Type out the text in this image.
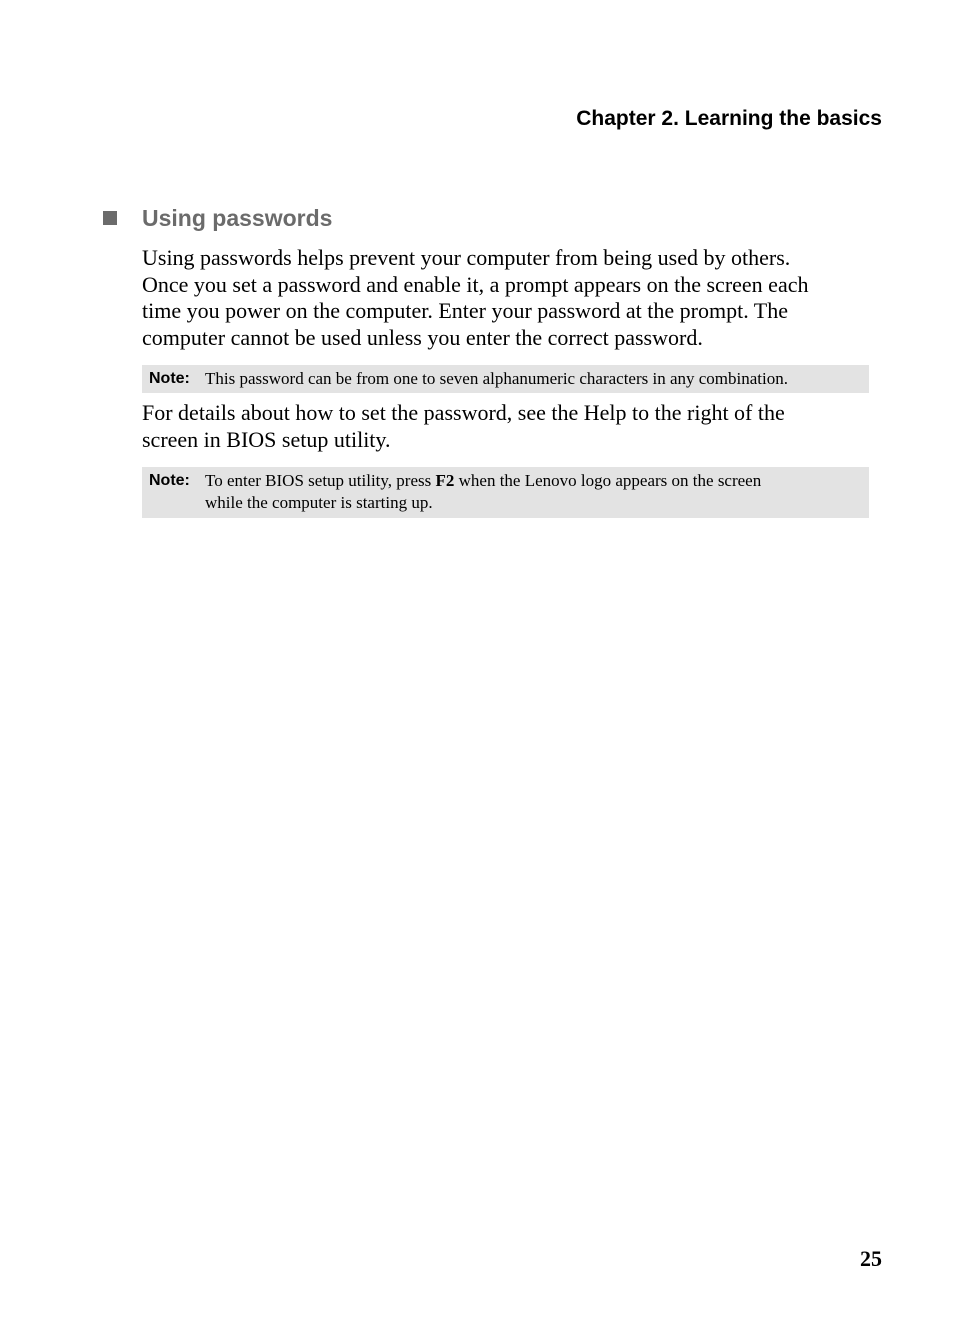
Chapter 2. Learning the basics
Using passwords
Using passwords helps prevent your computer from being used by others.
Once you set a password and enable it, a prompt appears on the screen each
time you power on the computer. Enter your password at the prompt. The
computer cannot be used unless you enter the correct password.
Note: This password can be from one to seven alphanumeric characters in any combination.
For details about how to set the password, see the Help to the right of the
screen in BIOS setup utility.
Note: To enter BIOS setup utility, press F2 when the Lenovo logo appears on the screen
while the computer is starting up.
25
